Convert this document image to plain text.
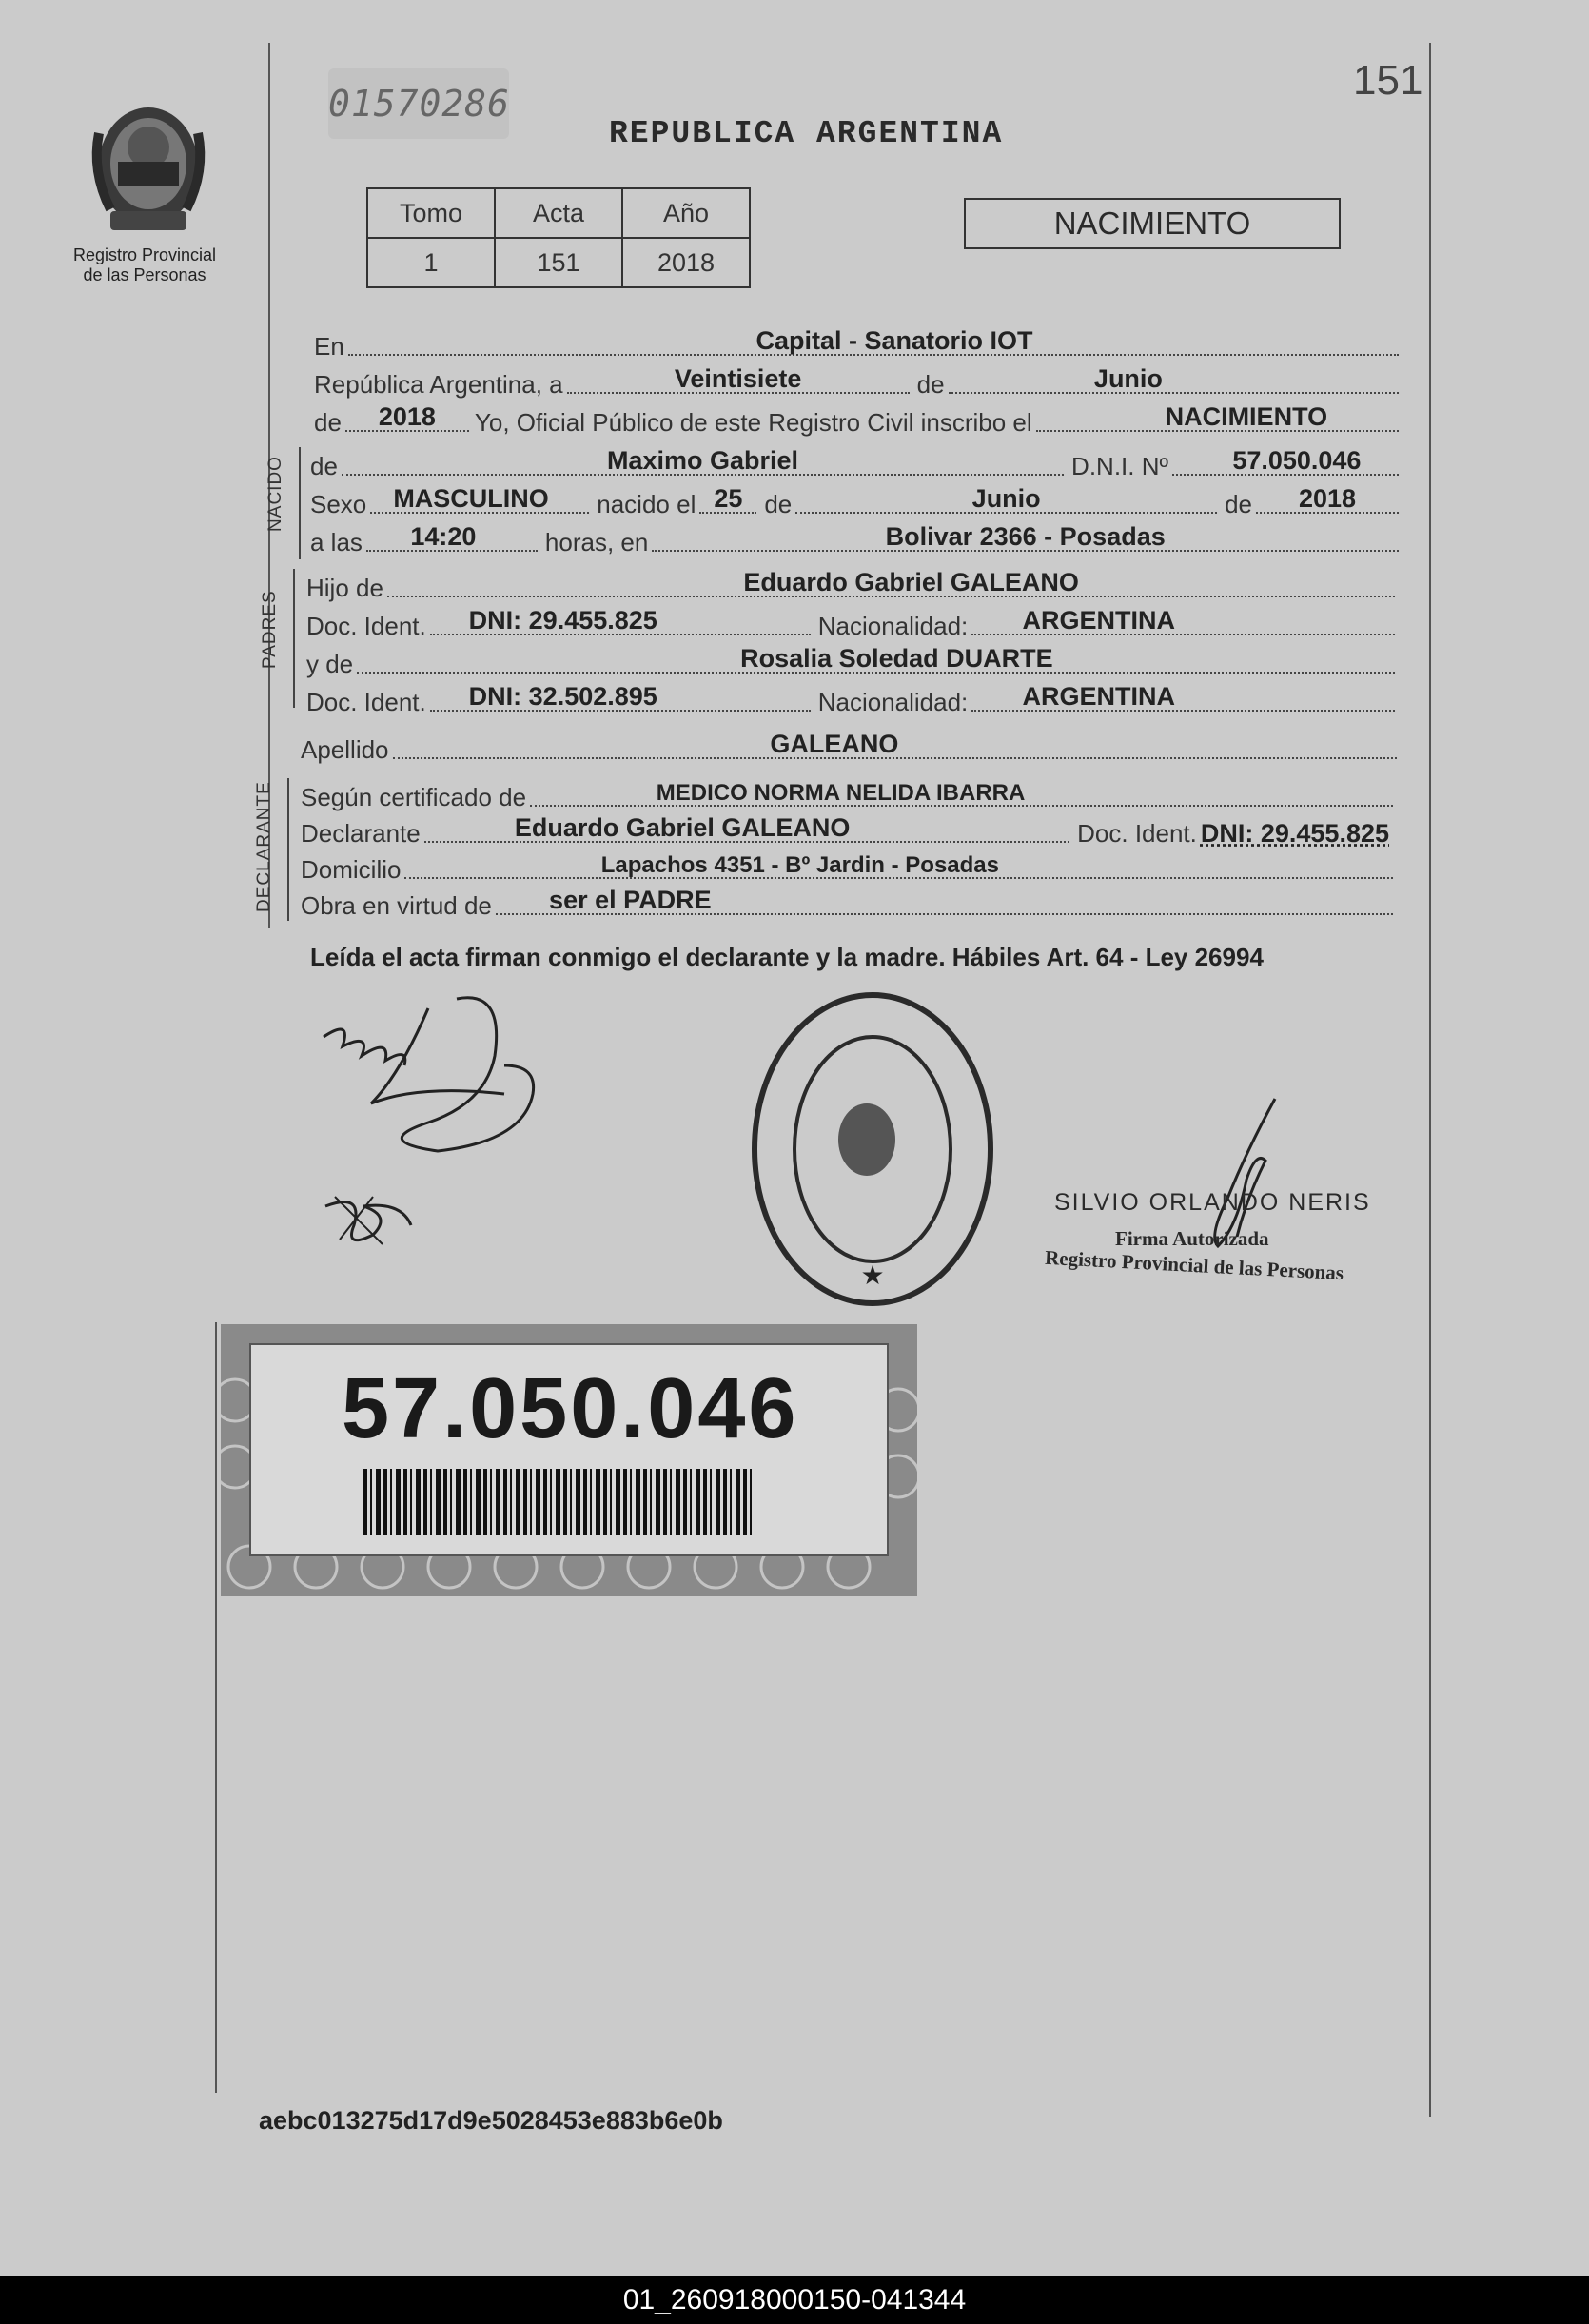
Registro Provincial
de las Personas
01570286	151
REPUBLICA ARGENTINA
Tomo	Acta	Año
1	151	2018
NACIMIENTO
En	Capital - Sanatorio IOT
República Argentina, a	Veintisiete	de	Junio
de 2018 Yo, Oficial Público de este Registro Civil inscribo el	NACIMIENTO
NACIDO de	Maximo Gabriel	D.N.I. Nº 57.050.046
Sexo MASCULINO	nacido el 25 de	Junio	de 2018
a las 14:20	horas, en	Bolivar 2366 - Posadas
PADRES
Hijo de	Eduardo Gabriel GALEANO
Doc. Ident. DNI: 29.455.825	Nacionalidad: ARGENTINA
y de	Rosalia Soledad DUARTE
Doc. Ident. DNI: 32.502.895	Nacionalidad: ARGENTINA
Apellido	GALEANO
DECLARANTE Según certificado de	MEDICO NORMA NELIDA IBARRA
Declarante	Eduardo Gabriel GALEANO	Doc. Ident. DNI: 29.455.825
Domicilio	Lapachos 4351 - Bº Jardin - Posadas
Obra en virtud de ser el PADRE
Leída el acta firman conmigo el declarante y la madre. Hábiles Art. 64 - Ley 26994
★
SILVIO ORLANDO NERIS
Firma Autorizada
Registro Provincial de las Personas
57.050.046
aebc013275d17d9e5028453e883b6e0b
01_260918000150-041344
